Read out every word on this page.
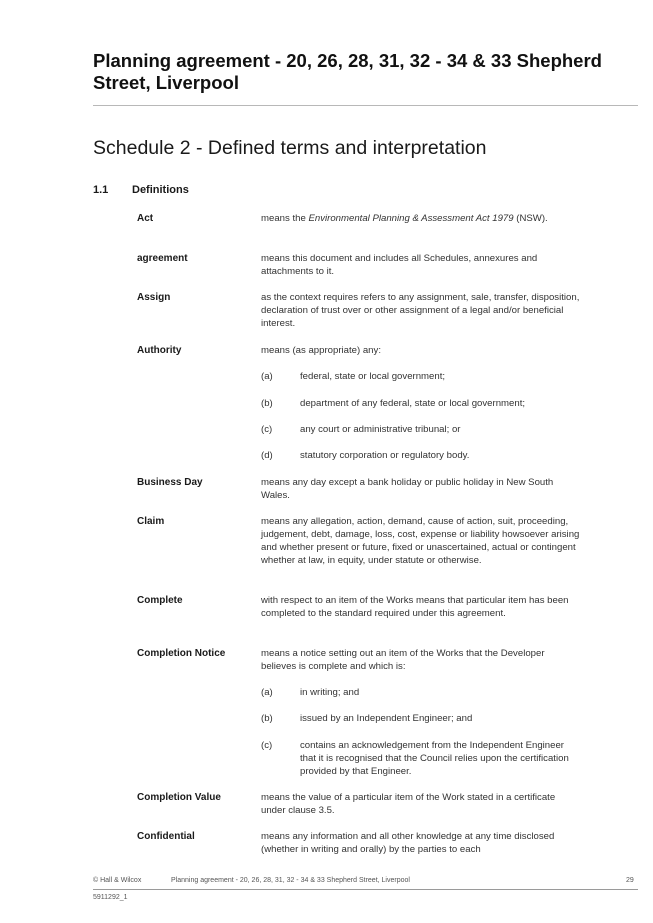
Planning agreement - 20, 26, 28, 31, 32 - 34 & 33 Shepherd Street, Liverpool
Schedule 2 - Defined terms and interpretation
1.1 Definitions
Act	means the Environmental Planning & Assessment Act 1979 (NSW).
agreement	means this document and includes all Schedules, annexures and attachments to it.
Assign	as the context requires refers to any assignment, sale, transfer, disposition, declaration of trust over or other assignment of a legal and/or beneficial interest.
Authority	means (as appropriate) any:
(a)	federal, state or local government;
(b)	department of any federal, state or local government;
(c)	any court or administrative tribunal; or
(d)	statutory corporation or regulatory body.
Business Day	means any day except a bank holiday or public holiday in New South Wales.
Claim	means any allegation, action, demand, cause of action, suit, proceeding, judgement, debt, damage, loss, cost, expense or liability howsoever arising and whether present or future, fixed or unascertained, actual or contingent whether at law, in equity, under statute or otherwise.
Complete	with respect to an item of the Works means that particular item has been completed to the standard required under this agreement.
Completion Notice	means a notice setting out an item of the Works that the Developer believes is complete and which is:
(a)	in writing; and
(b)	issued by an Independent Engineer; and
(c)	contains an acknowledgement from the Independent Engineer that it is recognised that the Council relies upon the certification provided by that Engineer.
Completion Value	means the value of a particular item of the Work stated in a certificate under clause 3.5.
Confidential	means any information and all other knowledge at any time disclosed (whether in writing and orally) by the parties to each
© Hall & Wilcox	Planning agreement - 20, 26, 28, 31, 32 - 34 & 33 Shepherd Street, Liverpool	29
5911292_1
